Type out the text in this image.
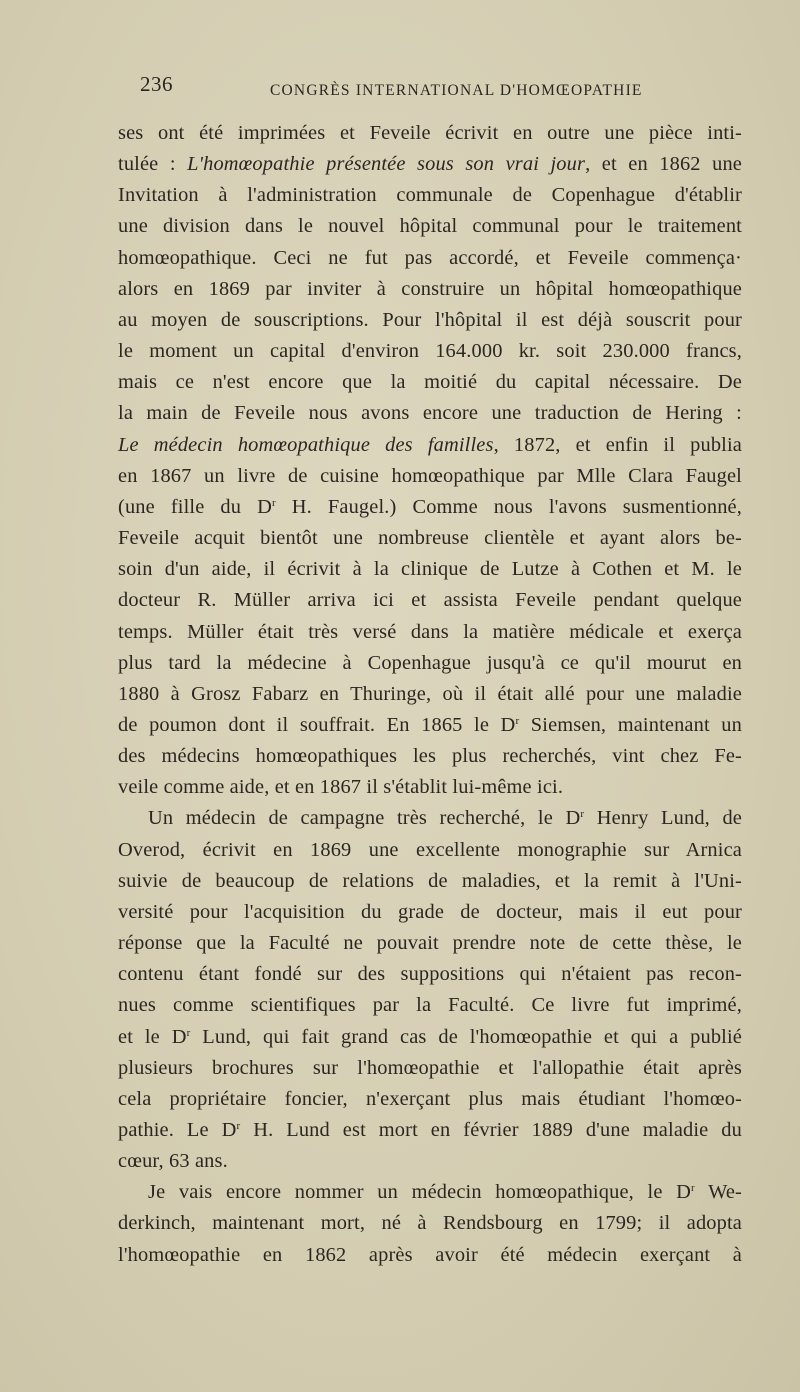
236	CONGRÈS INTERNATIONAL D'HOMŒOPATHIE
ses ont été imprimées et Feveile écrivit en outre une pièce inti-
tulée : L'homœopathie présentée sous son vrai jour, et en 1862 une
Invitation à l'administration communale de Copenhague d'établir
une division dans le nouvel hôpital communal pour le traitement
homœopathique. Ceci ne fut pas accordé, et Feveile commença·
alors en 1869 par inviter à construire un hôpital homœopathique
au moyen de souscriptions. Pour l'hôpital il est déjà souscrit pour
le moment un capital d'environ 164.000 kr. soit 230.000 francs,
mais ce n'est encore que la moitié du capital nécessaire. De
la main de Feveile nous avons encore une traduction de Hering :
Le médecin homœopathique des familles, 1872, et enfin il publia
en 1867 un livre de cuisine homœopathique par Mlle Clara Faugel
(une fille du $D^r$ H. Faugel.) Comme nous l'avons susmentionné,
Feveile acquit bientôt une nombreuse clientèle et ayant alors be-
soin d'un aide, il écrivit à la clinique de Lutze à Cothen et M. le
docteur R. Müller arriva ici et assista Feveile pendant quelque
temps. Müller était très versé dans la matière médicale et exerça
plus tard la médecine à Copenhague jusqu'à ce qu'il mourut en
1880 à Grosz Fabarz en Thuringe, où il était allé pour une maladie
de poumon dont il souffrait. En 1865 le $D^r$ Siemsen, maintenant un
des médecins homœopathiques les plus recherchés, vint chez Fe-
veile comme aide, et en 1867 il s'établit lui-même ici.
Un médecin de campagne très recherché, le $D^r$ Henry Lund, de
Overod, écrivit en 1869 une excellente monographie sur Arnica
suivie de beaucoup de relations de maladies, et la remit à l'Uni-
versité pour l'acquisition du grade de docteur, mais il eut pour
réponse que la Faculté ne pouvait prendre note de cette thèse, le
contenu étant fondé sur des suppositions qui n'étaient pas recon-
nues comme scientifiques par la Faculté. Ce livre fut imprimé,
et le $D^r$ Lund, qui fait grand cas de l'homœopathie et qui a publié
plusieurs brochures sur l'homœopathie et l'allopathie était après
cela propriétaire foncier, n'exerçant plus mais étudiant l'homœo-
pathie. Le $D^r$ H. Lund est mort en février 1889 d'une maladie du
cœur, 63 ans.
Je vais encore nommer un médecin homœopathique, le $D^r$ We-
derkinch, maintenant mort, né à Rendsbourg en 1799; il adopta
l'homœopathie en 1862 après avoir été médecin exerçant à
